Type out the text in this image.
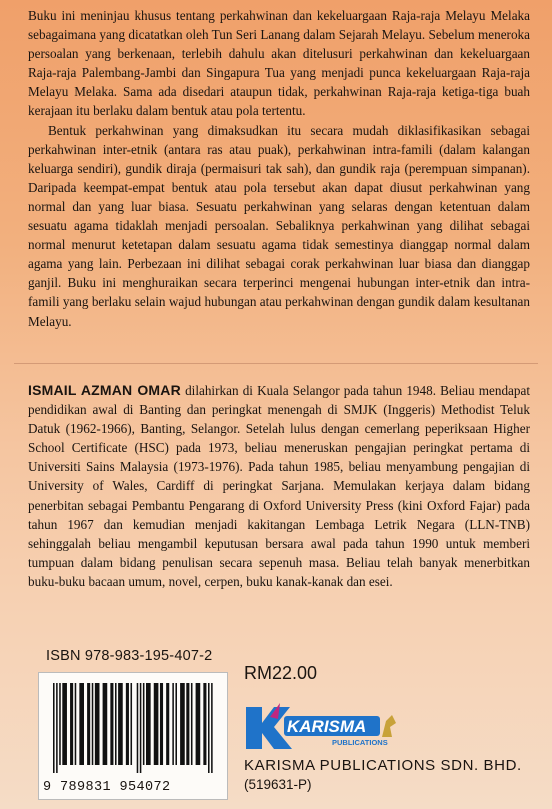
Buku ini meninjau khusus tentang perkahwinan dan kekeluargaan Raja-raja Melayu Melaka sebagaimana yang dicatatkan oleh Tun Seri Lanang dalam Sejarah Melayu. Sebelum meneroka persoalan yang berkenaan, terlebih dahulu akan ditelusuri perkahwinan dan kekeluargaan Raja-raja Palembang-Jambi dan Singapura Tua yang menjadi punca kekeluargaan Raja-raja Melayu Melaka. Sama ada disedari ataupun tidak, perkahwinan Raja-raja ketiga-tiga buah kerajaan itu berlaku dalam bentuk atau pola tertentu.

Bentuk perkahwinan yang dimaksudkan itu secara mudah diklasifikasikan sebagai perkahwinan inter-etnik (antara ras atau puak), perkahwinan intra-famili (dalam kalangan keluarga sendiri), gundik diraja (permaisuri tak sah), dan gundik raja (perempuan simpanan). Daripada keempat-empat bentuk atau pola tersebut akan dapat diusut perkahwinan yang normal dan yang luar biasa. Sesuatu perkahwinan yang selaras dengan ketentuan dalam sesuatu agama tidaklah menjadi persoalan. Sebaliknya perkahwinan yang dilihat sebagai normal menurut ketetapan dalam sesuatu agama tidak semestinya dianggap normal dalam agama yang lain. Perbezaan ini dilihat sebagai corak perkahwinan luar biasa dan dianggap ganjil. Buku ini menghuraikan secara terperinci mengenai hubungan inter-etnik dan intra-famili yang berlaku selain wajud hubungan atau perkahwinan dengan gundik dalam kesultanan Melayu.

ISMAIL AZMAN OMAR dilahirkan di Kuala Selangor pada tahun 1948. Beliau mendapat pendidikan awal di Banting dan peringkat menengah di SMJK (Inggeris) Methodist Teluk Datuk (1962-1966), Banting, Selangor. Setelah lulus dengan cemerlang peperiksaan Higher School Certificate (HSC) pada 1973, beliau meneruskan pengajian peringkat pertama di Universiti Sains Malaysia (1973-1976). Pada tahun 1985, beliau menyambung pengajian di University of Wales, Cardiff di peringkat Sarjana. Memulakan kerjaya dalam bidang penerbitan sebagai Pembantu Pengarang di Oxford University Press (kini Oxford Fajar) pada tahun 1967 dan kemudian menjadi kakitangan Lembaga Letrik Negara (LLN-TNB) sehinggalah beliau mengambil keputusan bersara awal pada tahun 1990 untuk memberi tumpuan dalam bidang penulisan secara sepenuh masa. Beliau telah banyak menerbitkan buku-buku bacaan umum, novel, cerpen, buku kanak-kanak dan esei.

ISBN 978-983-195-407-2
9 789831 954072
RM22.00
KARISMA
PUBLICATIONS
KARISMA PUBLICATIONS SDN. BHD.
(519631-P)
